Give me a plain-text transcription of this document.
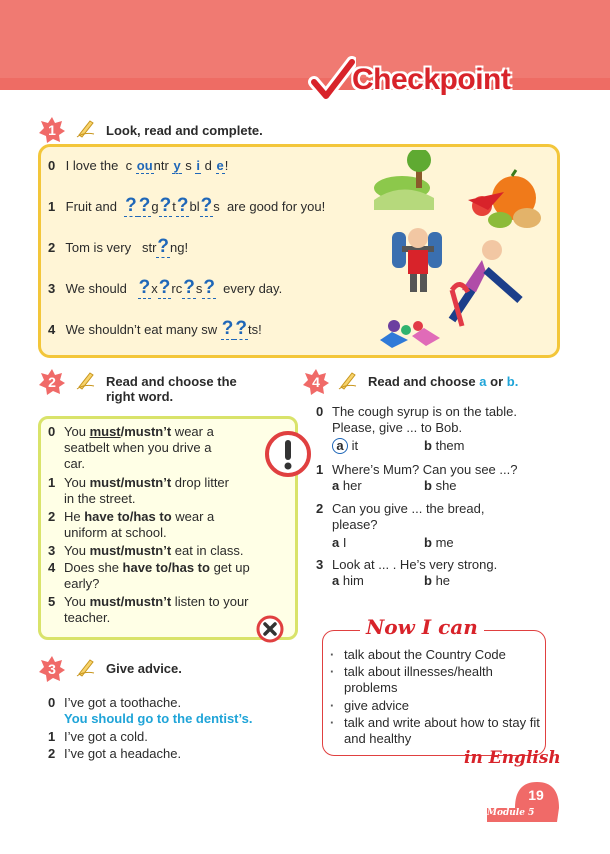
Checkpoint
1	Look, read and complete.
0 I love the c ountr y s i d e!
1 Fruit and ? ?g?t?bl?s  are good for you!
2 Tom is very str?ng!
3 We should ?x?rc?s? every day.
4 We shouldn’t eat many sw ? ?ts!
2	Read and choose the
right word.
0 You must/mustn’t wear a
seatbelt when you drive a
car.
1 You must/mustn’t drop litter
in the street.
2 He have to/has to wear a
uniform at school.
3 You must/mustn’t eat in class.
4 Does she have to/has to get up
early?
5 You must/mustn’t listen to your
teacher.
3	Give advice.
0 I’ve got a toothache.
You should go to the dentist’s.
1 I’ve got a cold.
2 I’ve got a headache.
4	Read and choose a or b.
0 The cough syrup is on the table.
Please, give ... to Bob.
a it	b them
1 Where’s Mum? Can you see ...?
a her	b she
2 Can you give ... the bread,
please?
a I	b me
3 Look at ... . He’s very strong.
a him	b he
Now I can
· talk about the Country Code
· talk about illnesses/health problems
· give advice
· talk and write about how to stay fit and healthy
in English
19
Module 5
